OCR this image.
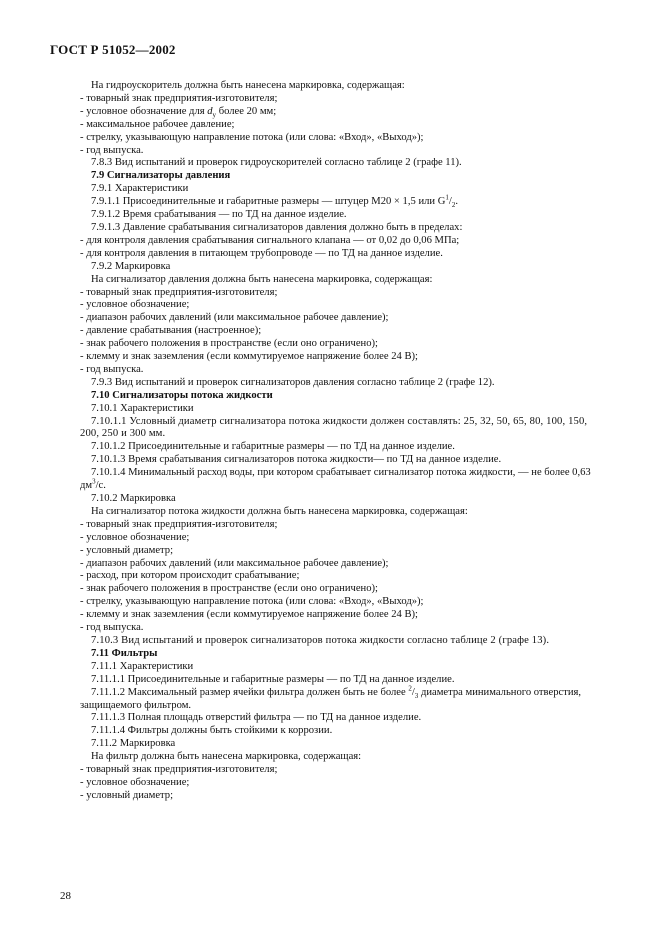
ГОСТ Р 51052—2002

На гидроускоритель должна быть нанесена маркировка, содержащая:

- товарный знак предприятия-изготовителя;

- условное обозначение для $d_у$ более 20 мм;

- максимальное рабочее давление;

- стрелку, указывающую направление потока (или слова: «Вход», «Выход»);

- год выпуска.

7.8.3 Вид испытаний и проверок гидроускорителей согласно таблице 2 (графе 11).

7.9 Сигнализаторы давления

7.9.1 Характеристики

7.9.1.1 Присоединительные и габаритные размеры — штуцер М20 × 1,5 или $G^1/_2$.

7.9.1.2 Время срабатывания — по ТД на данное изделие.

7.9.1.3 Давление срабатывания сигнализаторов давления должно быть в пределах:

- для контроля давления срабатывания сигнального клапана — от 0,02 до 0,06 МПа;

- для контроля давления в питающем трубопроводе — по ТД на данное изделие.

7.9.2 Маркировка

На сигнализатор давления должна быть нанесена маркировка, содержащая:

- товарный знак предприятия-изготовителя;

- условное обозначение;

- диапазон рабочих давлений (или максимальное рабочее давление);

- давление срабатывания (настроенное);

- знак рабочего положения в пространстве (если оно ограничено);

- клемму и знак заземления (если коммутируемое напряжение более 24 В);

- год выпуска.

7.9.3 Вид испытаний и проверок сигнализаторов давления согласно таблице 2 (графе 12).

7.10 Сигнализаторы потока жидкости

7.10.1 Характеристики

7.10.1.1 Условный диаметр сигнализатора потока жидкости должен составлять: 25, 32, 50, 65, 80, 100, 150, 200, 250 и 300 мм.

7.10.1.2 Присоединительные и габаритные размеры — по ТД на данное изделие.

7.10.1.3 Время срабатывания сигнализаторов потока жидкости— по ТД на данное изделие.

7.10.1.4 Минимальный расход воды, при котором срабатывает сигнализатор потока жидкости, — не более 0,63 $дм^3/с$.

7.10.2 Маркировка

На сигнализатор потока жидкости должна быть нанесена маркировка, содержащая:

- товарный знак предприятия-изготовителя;

- условное обозначение;

- условный диаметр;

- диапазон рабочих давлений (или максимальное рабочее давление);

- расход, при котором происходит срабатывание;

- знак рабочего положения в пространстве (если оно ограничено);

- стрелку, указывающую направление потока (или слова: «Вход», «Выход»);

- клемму и знак заземления (если коммутируемое напряжение более 24 В);

- год выпуска.

7.10.3 Вид испытаний и проверок сигнализаторов потока жидкости согласно таблице 2 (графе 13).

7.11 Фильтры

7.11.1 Характеристики

7.11.1.1 Присоединительные и габаритные размеры — по ТД на данное изделие.

7.11.1.2 Максимальный размер ячейки фильтра должен быть не более $^2/_3$ диаметра минимального отверстия, защищаемого фильтром.

7.11.1.3 Полная площадь отверстий фильтра — по ТД на данное изделие.

7.11.1.4 Фильтры должны быть стойкими к коррозии.

7.11.2 Маркировка

На фильтр должна быть нанесена маркировка, содержащая:

- товарный знак предприятия-изготовителя;

- условное обозначение;

- условный диаметр;

28
